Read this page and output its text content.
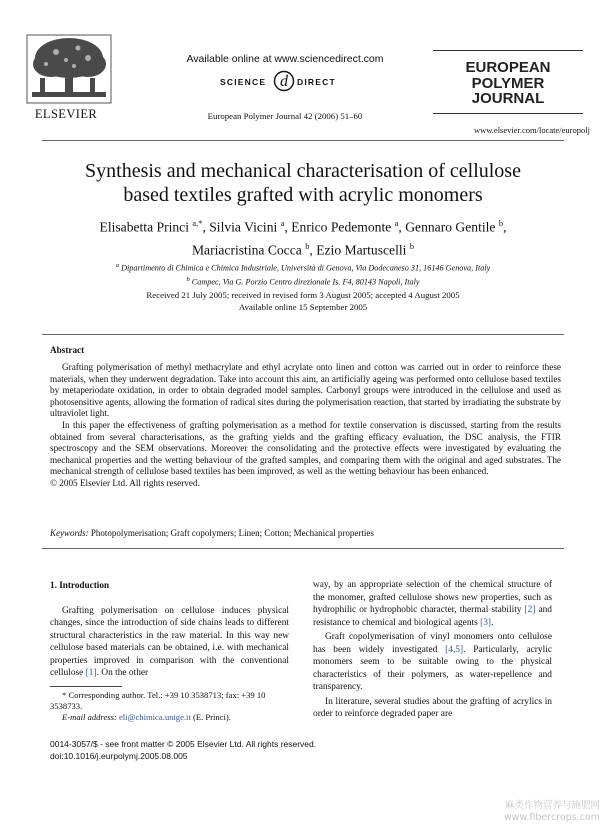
ELSEVIER
Available online at www.sciencedirect.com
SCIENCE d DIRECT
European Polymer Journal 42 (2006) 51–60
EUROPEAN
POLYMER
JOURNAL
www.elsevier.com/locate/europolj
Synthesis and mechanical characterisation of cellulose
based textiles grafted with acrylic monomers
Elisabetta Princi $^{a,*}$, Silvia Vicini $^a$, Enrico Pedemonte $^a$, Gennaro Gentile $^b$,
Mariacristina Cocca $^b$, Ezio Martuscelli $^b$
$^a$ Dipartimento di Chimica e Chimica Industriale, Università di Genova, Via Dodecaneso 31, 16146 Genova, Italy
$^b$ Campec, Via G. Porzio Centro direzionale Is. F4, 80143 Napoli, Italy
Received 21 July 2005; received in revised form 3 August 2005; accepted 4 August 2005
Available online 15 September 2005
Abstract

Grafting polymerisation of methyl methacrylate and ethyl acrylate onto linen and cotton was carried out in order to reinforce these materials, when they underwent degradation. Take into account this aim, an artificially ageing was performed onto cellulose based textiles by metaperiodate oxidation, in order to obtain degraded model samples. Carbonyl groups were introduced in the cellulose and used as photosensitive agents, allowing the formation of radical sites during the polymerisation reaction, that started by irradiating the substrate by ultraviolet light.

In this paper the effectiveness of grafting polymerisation as a method for textile conservation is discussed, starting from the results obtained from several characterisations, as the grafting yields and the grafting efficacy evaluation, the DSC analysis, the FTIR spectroscopy and the SEM observations. Moreover the consolidating and the protective effects were investigated by evaluating the mechanical properties and the wetting behaviour of the grafted samples, and comparing them with the original and aged substrates. The mechanical strength of cellulose based textiles has been improved, as well as the wetting behaviour has been enhanced.

© 2005 Elsevier Ltd. All rights reserved.

Keywords: Photopolymerisation; Graft copolymers; Linen; Cotton; Mechanical properties

1. Introduction

Grafting polymerisation on cellulose induces physical changes, since the introduction of side chains leads to different structural characteristics in the raw material. In this way new cellulose based materials can be obtained, i.e. with mechanical properties improved in comparison with the conventional cellulose [1]. On the other

way, by an appropriate selection of the chemical structure of the monomer, grafted cellulose shows new properties, such as hydrophilic or hydrophobic character, thermal stability [2] and resistance to chemical and biological agents [3].

Graft copolymerisation of vinyl monomers onto cellulose has been widely investigated [4,5]. Particularly, acrylic monomers seem to be suitable owing to the physical characteristics of their polymers, as water-repellence and transparency.

In literature, several studies about the grafting of acrylics in order to reinforce degraded paper are

* Corresponding author. Tel.: +39 10 3538713; fax: +39 10 3538733.
E-mail address: eli@chimica.unige.it (E. Princi).
0014-3057/$ - see front matter © 2005 Elsevier Ltd. All rights reserved.
doi:10.1016/j.eurpolymj.2005.08.005
麻类作物营养与施肥网
www.fibercrops.com
